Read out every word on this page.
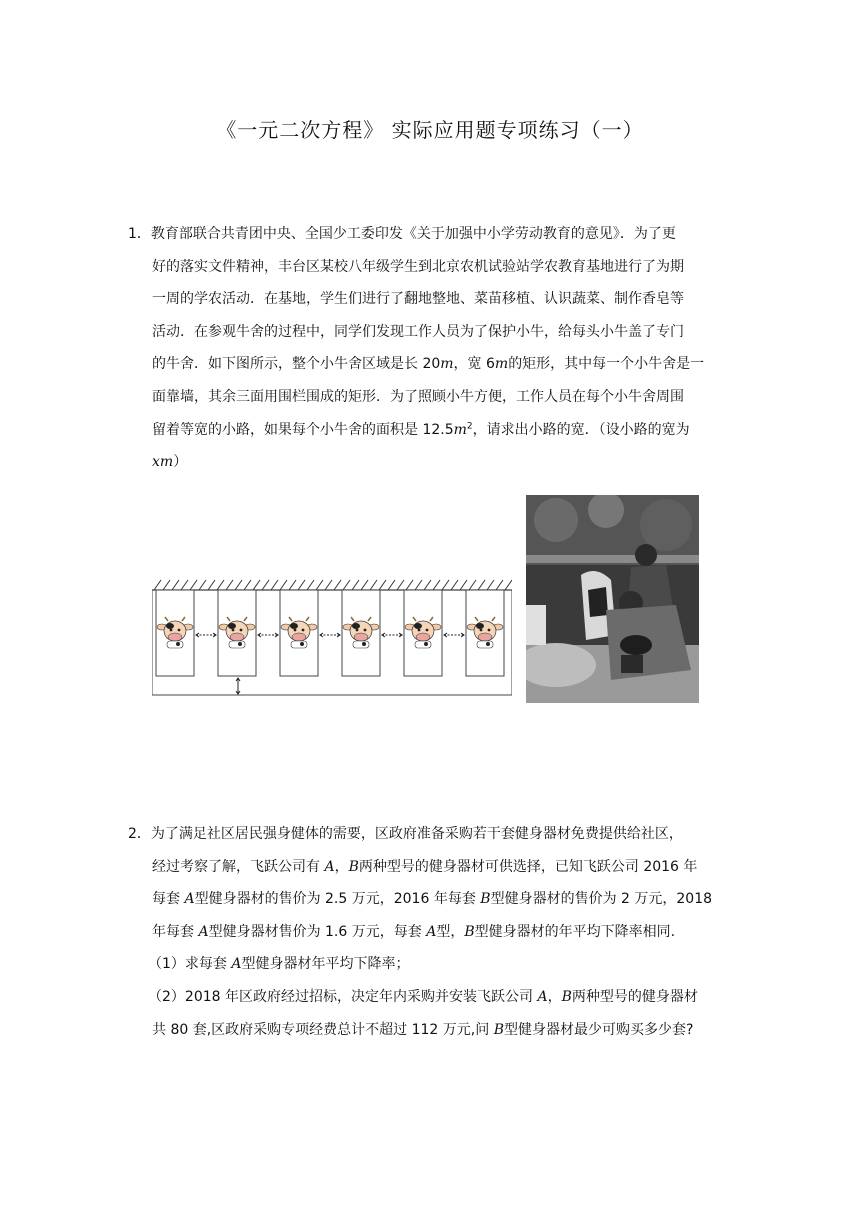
《一元二次方程》 实际应用题专项练习（一）
1．教育部联合共青团中央、全国少工委印发《关于加强中小学劳动教育的意见》．为了更
好的落实文件精神，丰台区某校八年级学生到北京农机试验站学农教育基地进行了为期
一周的学农活动．在基地，学生们进行了翻地整地、菜苗移植、认识蔬菜、制作香皂等
活动．在参观牛舍的过程中，同学们发现工作人员为了保护小牛，给每头小牛盖了专门
的牛舍．如下图所示，整个小牛舍区域是长 20m，宽 6m的矩形，其中每一个小牛舍是一
面靠墙，其余三面用围栏围成的矩形．为了照顾小牛方便，工作人员在每个小牛舍周围
留着等宽的小路，如果每个小牛舍的面积是 $12.5m^2$，请求出小路的宽．（设小路的宽为
xm）
2．为了满足社区居民强身健体的需要，区政府准备采购若干套健身器材免费提供给社区，
经过考察了解，飞跃公司有 A，B两种型号的健身器材可供选择，已知飞跃公司 2016 年
每套 A型健身器材的售价为 2.5 万元，2016 年每套 B型健身器材的售价为 2 万元，2018
年每套 A型健身器材售价为 1.6 万元，每套 A型，B型健身器材的年平均下降率相同.
（1）求每套 A型健身器材年平均下降率；
（2）2018 年区政府经过招标，决定年内采购并安装飞跃公司 A，B两种型号的健身器材
共 80 套,区政府采购专项经费总计不超过 112 万元,问 B型健身器材最少可购买多少套?
